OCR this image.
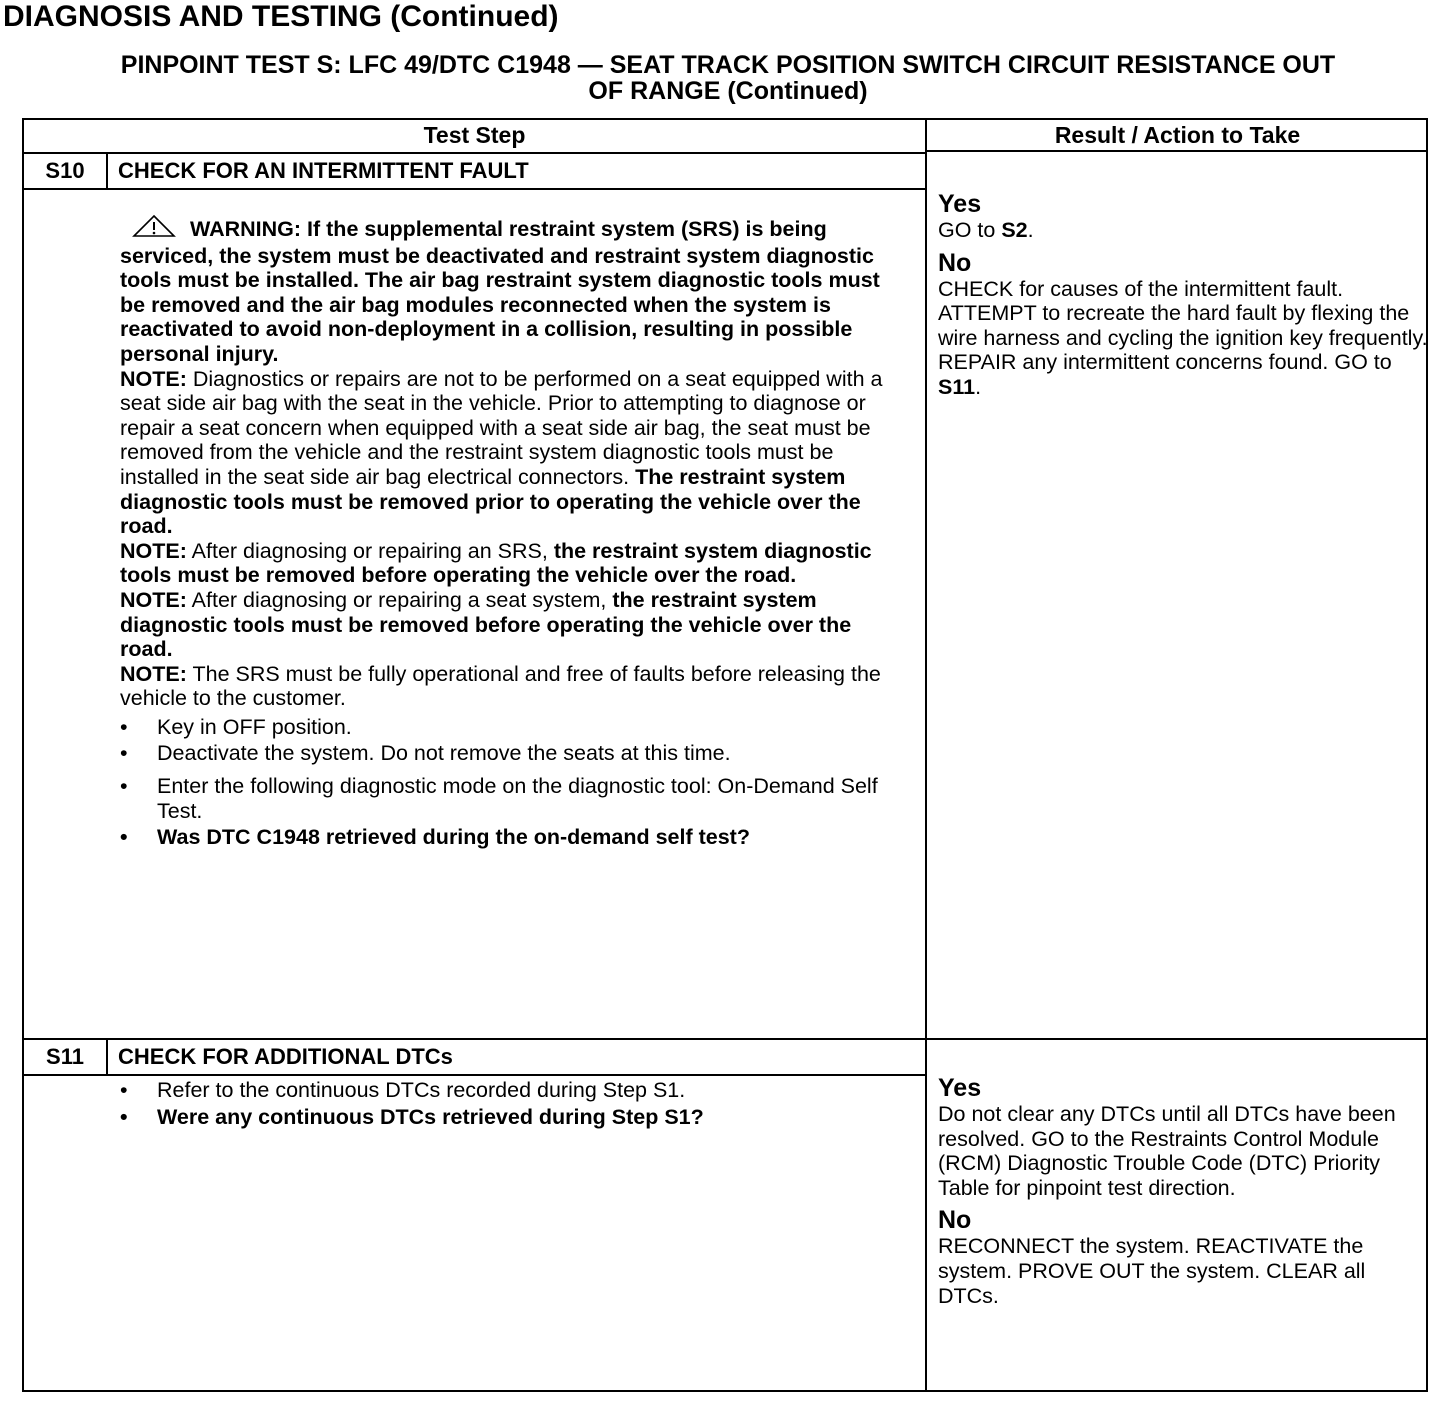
DIAGNOSIS AND TESTING (Continued)
PINPOINT TEST S: LFC 49/DTC C1948 — SEAT TRACK POSITION SWITCH CIRCUIT RESISTANCE OUT
OF RANGE (Continued)
Test Step	Result / Action to Take
S10	CHECK FOR AN INTERMITTENT FAULT

WARNING: If the supplemental restraint system (SRS) is being serviced, the system must be deactivated and restraint system diagnostic tools must be installed. The air bag restraint system diagnostic tools must be removed and the air bag modules reconnected when the system is reactivated to avoid non-deployment in a collision, resulting in possible personal injury.

NOTE: Diagnostics or repairs are not to be performed on a seat equipped with a seat side air bag with the seat in the vehicle. Prior to attempting to diagnose or repair a seat concern when equipped with a seat side air bag, the seat must be removed from the vehicle and the restraint system diagnostic tools must be installed in the seat side air bag electrical connectors. The restraint system diagnostic tools must be removed prior to operating the vehicle over the road.

NOTE: After diagnosing or repairing an SRS, the restraint system diagnostic tools must be removed before operating the vehicle over the road.

NOTE: After diagnosing or repairing a seat system, the restraint system diagnostic tools must be removed before operating the vehicle over the road.

NOTE: The SRS must be fully operational and free of faults before releasing the vehicle to the customer.

• Key in OFF position.
• Deactivate the system. Do not remove the seats at this time.
• Enter the following diagnostic mode on the diagnostic tool: On-Demand Self Test.
• Was DTC C1948 retrieved during the on-demand self test?
Yes
GO to S2.
No
CHECK for causes of the intermittent fault. ATTEMPT to recreate the hard fault by flexing the wire harness and cycling the ignition key frequently. REPAIR any intermittent concerns found. GO to S11.
S11	CHECK FOR ADDITIONAL DTCs
• Refer to the continuous DTCs recorded during Step S1.
• Were any continuous DTCs retrieved during Step S1?
Yes
Do not clear any DTCs until all DTCs have been resolved. GO to the Restraints Control Module (RCM) Diagnostic Trouble Code (DTC) Priority Table for pinpoint test direction.
No
RECONNECT the system. REACTIVATE the system. PROVE OUT the system. CLEAR all DTCs.
